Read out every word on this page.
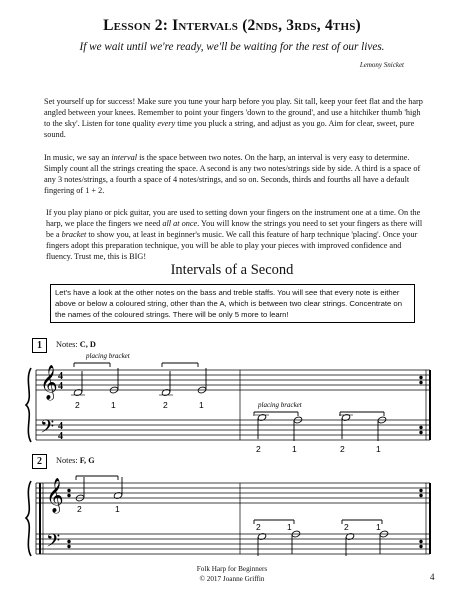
Lesson 2: Intervals (2nds, 3rds, 4ths)
If we wait until we're ready, we'll be waiting for the rest of our lives.
Lemony Snicket

Set yourself up for success! Make sure you tune your harp before you play. Sit tall, keep your feet flat and the harp angled between your knees. Remember to point your fingers 'down to the ground', and use a hitchiker thumb 'high to the sky'. Listen for tone quality every time you pluck a string, and adjust as you go. Aim for clear, sweet, pure sound.

In music, we say an interval is the space between two notes. On the harp, an interval is very easy to determine. Simply count all the strings creating the space. A second is any two notes/strings side by side. A third is a space of any 3 notes/strings, a fourth a space of 4 notes/strings, and so on. Seconds, thirds and fourths all have a default fingering of 1 + 2.

If you play piano or pick guitar, you are used to setting down your fingers on the instrument one at a time. On the harp, we place the fingers we need all at once. You will know the strings you need to set your fingers as there will be a bracket to show you, at least in beginner's music. We call this feature of harp technique 'placing'. Once your fingers adopt this preparation technique, you will be able to play your pieces with improved confidence and fluency. Trust me, this is BIG!

Intervals of a Second
Let's have a look at the other notes on the bass and treble staffs. You will see that every note is either above or below a coloured string, other than the A, which is between two clear strings. Concentrate on the names of the coloured strings. There will be only 5 more to learn!
1	Notes: C, D
2	Notes: F, G
𝄞 4
4
𝄢 4
4
placing bracket
2	1	2	1	placing bracket
2	1	2	1
𝄞
𝄢
2	1
2	1	2	1
Folk Harp for Beginners
© 2017 Joanne Griffin	4
